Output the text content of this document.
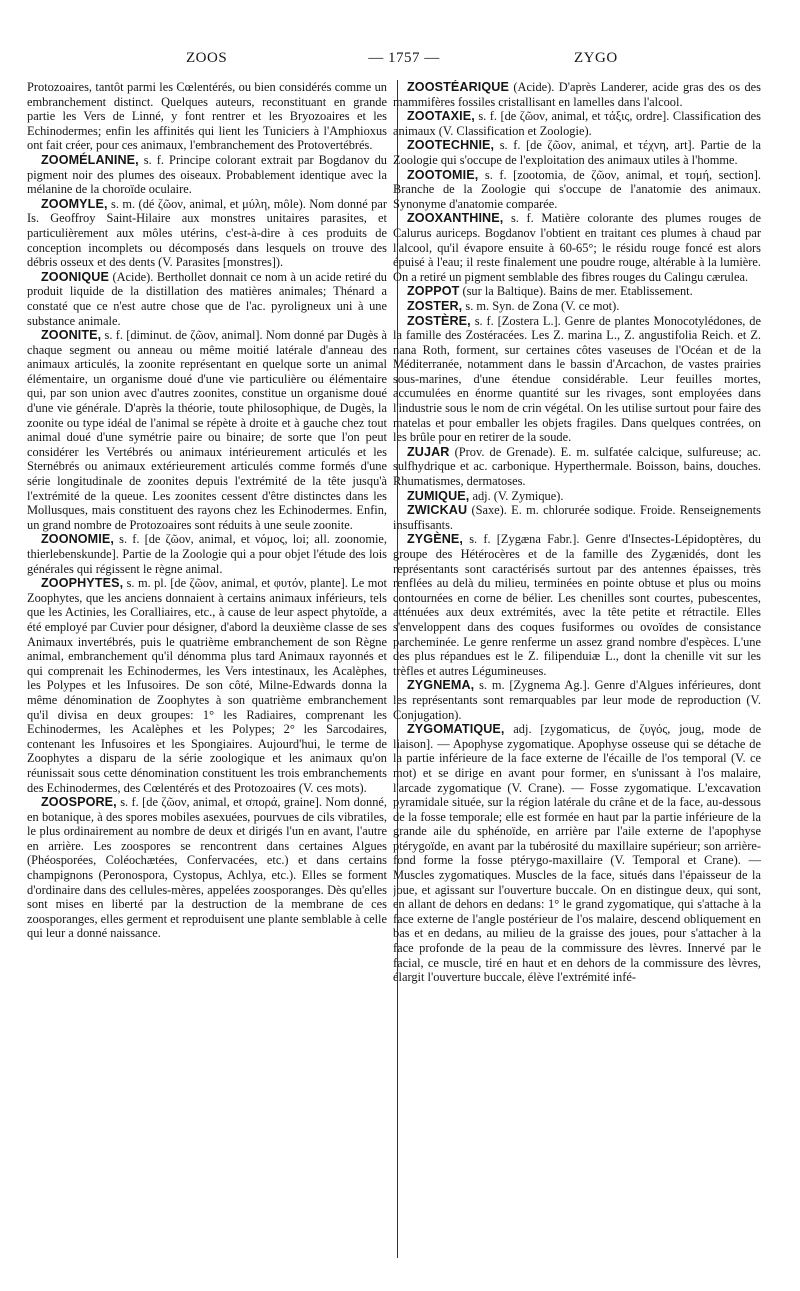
ZOOS	— 1757 —	ZYGO

Protozoaires, tantôt parmi les Cœlentérés, ou bien considérés comme un embranchement distinct. Quelques auteurs, reconstituant en grande partie les Vers de Linné, y font rentrer et les Bryozoaires et les Echinodermes; enfin les affinités qui lient les Tuniciers à l'Amphioxus ont fait créer, pour ces animaux, l'embranchement des Protovertébrés.

ZOOMÉLANINE, s. f. Principe colorant extrait par Bogdanov du pigment noir des plumes des oiseaux. Probablement identique avec la mélanine de la choroïde oculaire.

ZOOMYLE, s. m. (dé ζῶον, animal, et μύλη, môle). Nom donné par Is. Geoffroy Saint-Hilaire aux monstres unitaires parasites, et particulièrement aux môles utérins, c'est-à-dire à ces produits de conception incomplets ou décomposés dans lesquels on trouve des débris osseux et des dents (V. Parasites [monstres]).

ZOONIQUE (Acide). Berthollet donnait ce nom à un acide retiré du produit liquide de la distillation des matières animales; Thénard a constaté que ce n'est autre chose que de l'ac. pyroligneux uni à une substance animale.

ZOONITE, s. f. [diminut. de ζῶον, animal]. Nom donné par Dugès à chaque segment ou anneau ou même moitié latérale d'anneau des animaux articulés, la zoonite représentant en quelque sorte un animal élémentaire, un organisme doué d'une vie particulière ou élémentaire qui, par son union avec d'autres zoonites, constitue un organisme doué d'une vie générale. D'après la théorie, toute philosophique, de Dugès, la zoonite ou type idéal de l'animal se répète à droite et à gauche chez tout animal doué d'une symétrie paire ou binaire; de sorte que l'on peut considérer les Vertébrés ou animaux intérieurement articulés et les Sternébrés ou animaux extérieurement articulés comme formés d'une série longitudinale de zoonites depuis l'extrémité de la tête jusqu'à l'extrémité de la queue. Les zoonites cessent d'être distinctes dans les Mollusques, mais constituent des rayons chez les Echinodermes. Enfin, un grand nombre de Protozoaires sont réduits à une seule zoonite.

ZOONOMIE, s. f. [de ζῶον, animal, et νόμος, loi; all. zoonomie, thierlebenskunde]. Partie de la Zoologie qui a pour objet l'étude des lois générales qui régissent le règne animal.

ZOOPHYTES, s. m. pl. [de ζῶον, animal, et φυτόν, plante]. Le mot Zoophytes, que les anciens donnaient à certains animaux inférieurs, tels que les Actinies, les Coralliaires, etc., à cause de leur aspect phytoïde, a été employé par Cuvier pour désigner, d'abord la deuxième classe de ses Animaux invertébrés, puis le quatrième embranchement de son Règne animal, embranchement qu'il dénomma plus tard Animaux rayonnés et qui comprenait les Echinodermes, les Vers intestinaux, les Acalèphes, les Polypes et les Infusoires. De son côté, Milne-Edwards donna la même dénomination de Zoophytes à son quatrième embranchement qu'il divisa en deux groupes: 1° les Radiaires, comprenant les Echinodermes, les Acalèphes et les Polypes; 2° les Sarcodaires, contenant les Infusoires et les Spongiaires. Aujourd'hui, le terme de Zoophytes a disparu de la série zoologique et les animaux qu'on réunissait sous cette dénomination constituent les trois embranchements des Echinodermes, des Cœlentérés et des Protozoaires (V. ces mots).

ZOOSPORE, s. f. [de ζῶον, animal, et σπορά, graine]. Nom donné, en botanique, à des spores mobiles asexuées, pourvues de cils vibratiles, le plus ordinairement au nombre de deux et dirigés l'un en avant, l'autre en arrière. Les zoospores se rencontrent dans certaines Algues (Phéosporées, Coléochætées, Confervacées, etc.) et dans certains champignons (Peronospora, Cystopus, Achlya, etc.). Elles se forment d'ordinaire dans des cellules-mères, appelées zoosporanges. Dès qu'elles sont mises en liberté par la destruction de la membrane de ces zoosporanges, elles germent et reproduisent une plante semblable à celle qui leur a donné naissance.

ZOOSTÉARIQUE (Acide). D'après Landerer, acide gras des os des mammifères fossiles cristallisant en lamelles dans l'alcool.

ZOOTAXIE, s. f. [de ζῶον, animal, et τάξις, ordre]. Classification des animaux (V. Classification et Zoologie).

ZOOTECHNIE, s. f. [de ζῶον, animal, et τέχνη, art]. Partie de la Zoologie qui s'occupe de l'exploitation des animaux utiles à l'homme.

ZOOTOMIE, s. f. [zootomia, de ζῶον, animal, et τομή, section]. Branche de la Zoologie qui s'occupe de l'anatomie des animaux. Synonyme d'anatomie comparée.

ZOOXANTHINE, s. f. Matière colorante des plumes rouges de Calurus auriceps. Bogdanov l'obtient en traitant ces plumes à chaud par l'alcool, qu'il évapore ensuite à 60-65°; le résidu rouge foncé est alors épuisé à l'eau; il reste finalement une poudre rouge, altérable à la lumière. On a retiré un pigment semblable des fibres rouges du Calingu cærulea.

ZOPPOT (sur la Baltique). Bains de mer. Etablissement.

ZOSTER, s. m. Syn. de Zona (V. ce mot).

ZOSTÈRE, s. f. [Zostera L.]. Genre de plantes Monocotylédones, de la famille des Zostéracées. Les Z. marina L., Z. angustifolia Reich. et Z. nana Roth, forment, sur certaines côtes vaseuses de l'Océan et de la Méditerranée, notamment dans le bassin d'Arcachon, de vastes prairies sous-marines, d'une étendue considérable. Leur feuilles mortes, accumulées en énorme quantité sur les rivages, sont employées dans l'industrie sous le nom de crin végétal. On les utilise surtout pour faire des matelas et pour emballer les objets fragiles. Dans quelques contrées, on les brûle pour en retirer de la soude.

ZUJAR (Prov. de Grenade). E. m. sulfatée calcique, sulfureuse; ac. sulfhydrique et ac. carbonique. Hyperthermale. Boisson, bains, douches. Rhumatismes, dermatoses.

ZUMIQUE, adj. (V. Zymique).

ZWICKAU (Saxe). E. m. chlorurée sodique. Froide. Renseignements insuffisants.

ZYGÈNE, s. f. [Zygæna Fabr.]. Genre d'Insectes-Lépidoptères, du groupe des Hétérocères et de la famille des Zygænidés, dont les représentants sont caractérisés surtout par des antennes épaisses, très renflées au delà du milieu, terminées en pointe obtuse et plus ou moins contournées en corne de bélier. Les chenilles sont courtes, pubescentes, atténuées aux deux extrémités, avec la tête petite et rétractile. Elles s'enveloppent dans des coques fusiformes ou ovoïdes de consistance parcheminée. Le genre renferme un assez grand nombre d'espèces. L'une des plus répandues est le Z. filipenduiæ L., dont la chenille vit sur les trèfles et autres Légumineuses.

ZYGNEMA, s. m. [Zygnema Ag.]. Genre d'Algues inférieures, dont les représentants sont remarquables par leur mode de reproduction (V. Conjugation).

ZYGOMATIQUE, adj. [zygomaticus, de ζυγός, joug, mode de liaison]. — Apophyse zygomatique. Apophyse osseuse qui se détache de la partie inférieure de la face externe de l'écaille de l'os temporal (V. ce mot) et se dirige en avant pour former, en s'unissant à l'os malaire, l'arcade zygomatique (V. Crane). — Fosse zygomatique. L'excavation pyramidale située, sur la région latérale du crâne et de la face, au-dessous de la fosse temporale; elle est formée en haut par la partie inférieure de la grande aile du sphénoïde, en arrière par l'aile externe de l'apophyse ptérygoïde, en avant par la tubérosité du maxillaire supérieur; son arrière-fond forme la fosse ptérygo-maxillaire (V. Temporal et Crane). — Muscles zygomatiques. Muscles de la face, situés dans l'épaisseur de la joue, et agissant sur l'ouverture buccale. On en distingue deux, qui sont, en allant de dehors en dedans: 1° le grand zygomatique, qui s'attache à la face externe de l'angle postérieur de l'os malaire, descend obliquement en bas et en dedans, au milieu de la graisse des joues, pour s'attacher à la face profonde de la peau de la commissure des lèvres. Innervé par le facial, ce muscle, tiré en haut et en dehors de la commissure des lèvres, élargit l'ouverture buccale, élève l'extrémité infé-
